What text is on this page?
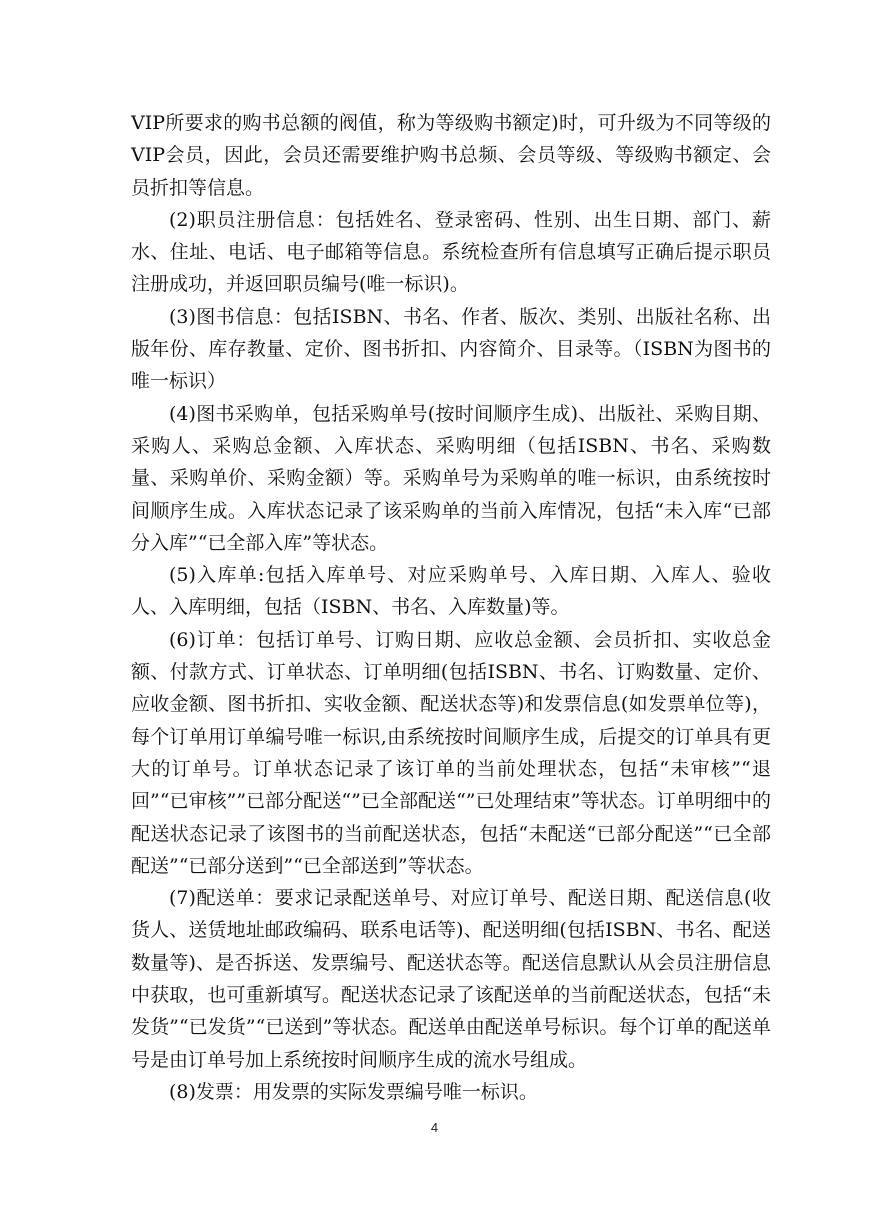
VIP所要求的购书总额的阀值，称为等级购书额定)时，可升级为不同等级的VIP会员，因此，会员还需要维护购书总频、会员等级、等级购书额定、会员折扣等信息。

(2)职员注册信息：包括姓名、登录密码、性别、出生日期、部门、薪水、住址、电话、电子邮箱等信息。系统检查所有信息填写正确后提示职员注册成功，并返回职员编号(唯一标识)。

(3)图书信息：包括ISBN、书名、作者、版次、类别、出版社名称、出版年份、库存教量、定价、图书折扣、内容简介、目录等。（ISBN为图书的唯一标识）

(4)图书采购单，包括采购单号(按时间顺序生成)、出版社、采购目期、采购人、采购总金额、入库状态、采购明细（包括ISBN、书名、采购数量、采购单价、采购金额）等。采购单号为采购单的唯一标识，由系统按时间顺序生成。入库状态记录了该采购单的当前入库情况，包括“未入库“已部分入库”“已全部入库”等状态。

(5)入库单:包括入库单号、对应采购单号、入库日期、入库人、验收人、入库明细，包括（ISBN、书名、入库数量)等。

(6)订单：包括订单号、订购日期、应收总金额、会员折扣、实收总金额、付款方式、订单状态、订单明细(包括ISBN、书名、订购数量、定价、应收金额、图书折扣、实收金额、配送状态等)和发票信息(如发票单位等)，每个订单用订单编号唯一标识,由系统按时间顺序生成，后提交的订单具有更大的订单号。订单状态记录了该订单的当前处理状态，包括“未审核”“退回”“已审核””已部分配送“”已全部配送“”已处理结束”等状态。订单明细中的配送状态记录了该图书的当前配送状态，包括“未配送“已部分配送”“已全部配送”“已部分送到”“已全部送到”等状态。

(7)配送单：要求记录配送单号、对应订单号、配送日期、配送信息(收货人、送赁地址邮政编码、联系电话等)、配送明细(包括ISBN、书名、配送数量等)、是否拆送、发票编号、配送状态等。配送信息默认从会员注册信息中获取，也可重新填写。配送状态记录了该配送单的当前配送状态，包括“未发货”“已发货”“已送到”等状态。配送单由配送单号标识。每个订单的配送单号是由订单号加上系统按时间顺序生成的流水号组成。

(8)发票：用发票的实际发票编号唯一标识。

4
